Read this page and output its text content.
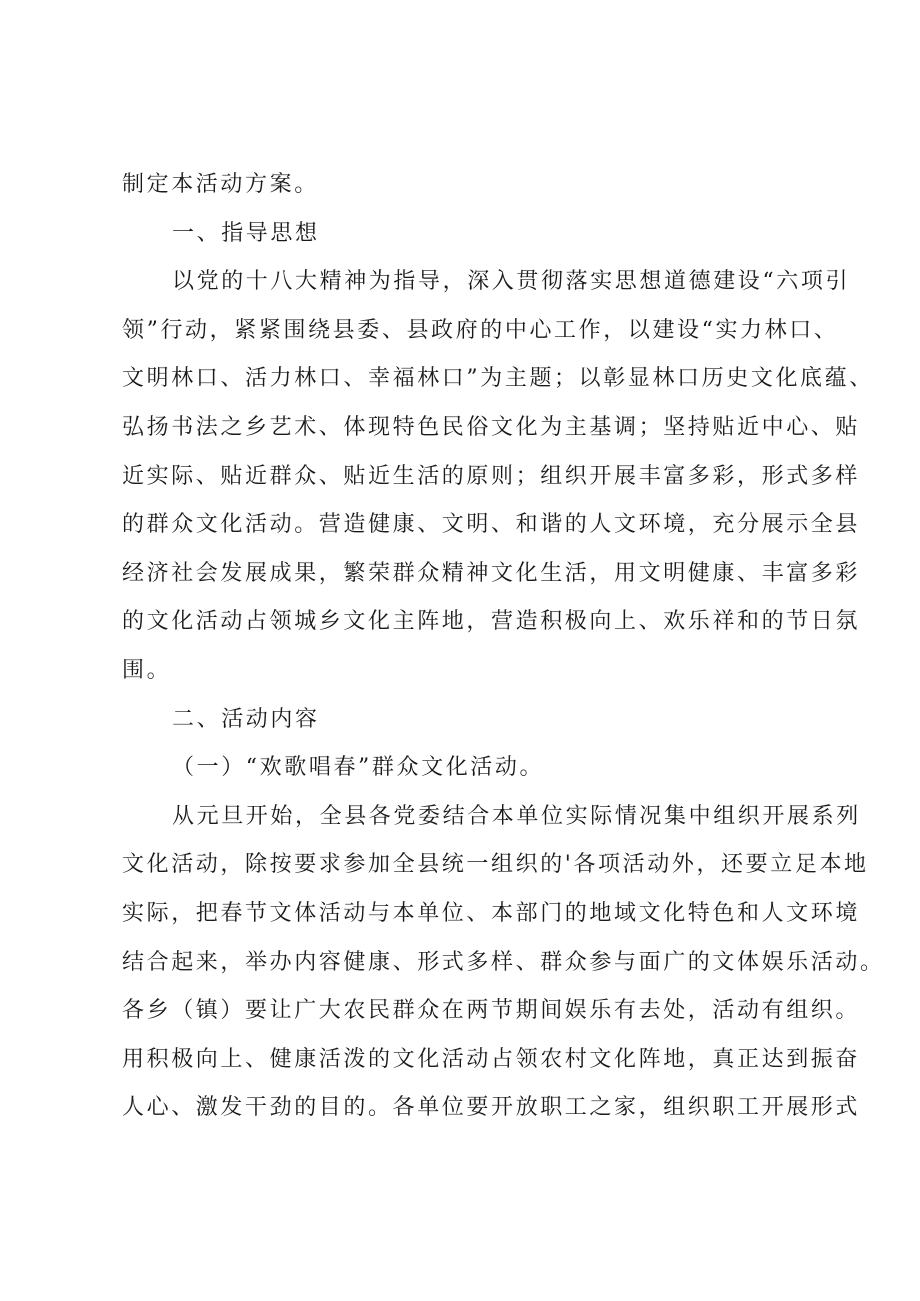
制定本活动方案。
一、指导思想
以党的十八大精神为指导，深入贯彻落实思想道德建设“六项引
领”行动，紧紧围绕县委、县政府的中心工作，以建设“实力林口、
文明林口、活力林口、幸福林口”为主题；以彰显林口历史文化底蕴、
弘扬书法之乡艺术、体现特色民俗文化为主基调；坚持贴近中心、贴
近实际、贴近群众、贴近生活的原则；组织开展丰富多彩，形式多样
的群众文化活动。营造健康、文明、和谐的人文环境，充分展示全县
经济社会发展成果，繁荣群众精神文化生活，用文明健康、丰富多彩
的文化活动占领城乡文化主阵地，营造积极向上、欢乐祥和的节日氛
围。
二、活动内容
（一）“欢歌唱春”群众文化活动。
从元旦开始，全县各党委结合本单位实际情况集中组织开展系列
文化活动，除按要求参加全县统一组织的'各项活动外，还要立足本地
实际，把春节文体活动与本单位、本部门的地域文化特色和人文环境
结合起来，举办内容健康、形式多样、群众参与面广的文体娱乐活动。
各乡（镇）要让广大农民群众在两节期间娱乐有去处，活动有组织。
用积极向上、健康活泼的文化活动占领农村文化阵地，真正达到振奋
人心、激发干劲的目的。各单位要开放职工之家，组织职工开展形式
